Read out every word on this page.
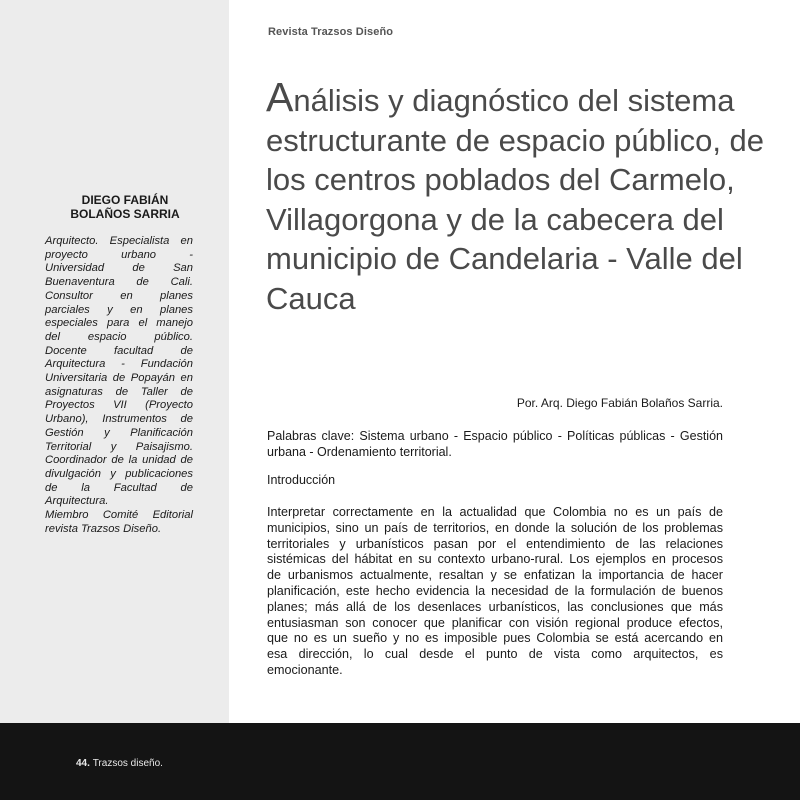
DIEGO FABIÁN
BOLAÑOS SARRIA
Arquitecto. Especialista en
proyecto urbano -
Universidad de San
Buenaventura de Cali.
Consultor en planes
parciales y en planes
especiales para el manejo
del espacio público.
Docente facultad de
Arquitectura - Fundación
Universitaria de Popayán en
asignaturas de Taller de
Proyectos VII (Proyecto
Urbano), Instrumentos de
Gestión y Planificación
Territorial y Paisajismo.
Coordinador de la unidad de
divulgación y publicaciones
de la Facultad de
Arquitectura.
Miembro Comité Editorial
revista Trazsos Diseño.
Revista Trazsos Diseño
Análisis y diagnóstico del sistema estructurante de espacio público, de los centros poblados del Carmelo, Villagorgona y de la cabecera del municipio de Candelaria - Valle del Cauca
Por. Arq. Diego Fabián Bolaños Sarria.
Palabras clave: Sistema urbano - Espacio público - Políticas públicas - Gestión urbana - Ordenamiento territorial.
Introducción
Interpretar correctamente en la actualidad que Colombia no es un país de
municipios, sino un país de territorios, en donde la solución de los problemas
territoriales y urbanísticos pasan por el entendimiento de las relaciones
sistémicas del hábitat en su contexto urbano-rural. Los ejemplos en procesos
de urbanismos actualmente, resaltan y se enfatizan la importancia de hacer
planificación, este hecho evidencia la necesidad de la formulación de buenos
planes; más allá de los desenlaces urbanísticos, las conclusiones que más
entusiasman son conocer que planificar con visión regional produce efectos,
que no es un sueño y no es imposible pues Colombia se está acercando en
esa dirección, lo cual desde el punto de vista como arquitectos, es
emocionante.
44. Trazsos diseño.
